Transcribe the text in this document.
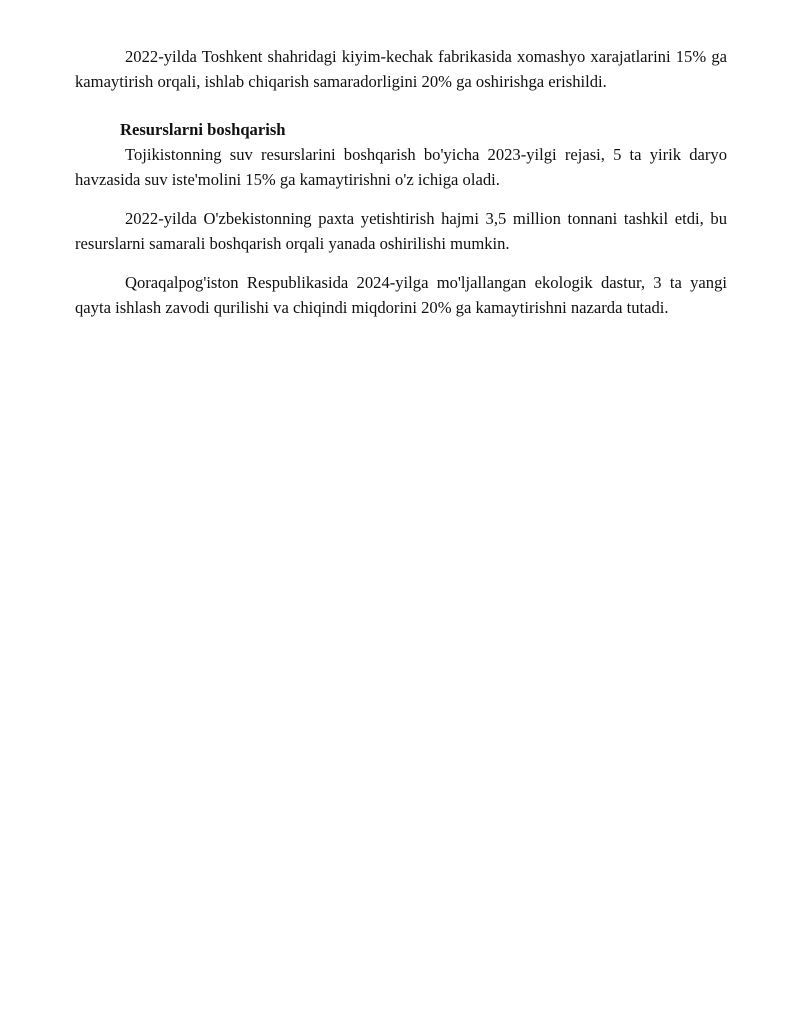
2022-yilda Toshkent shahridagi kiyim-kechak fabrikasida xomashyo xarajatlarini 15% ga kamaytirish orqali, ishlab chiqarish samaradorligini 20% ga oshirishga erishildi.

Resurslarni boshqarish

Tojikistonning suv resurslarini boshqarish bo'yicha 2023-yilgi rejasi, 5 ta yirik daryo havzasida suv iste'molini 15% ga kamaytirishni o'z ichiga oladi.

2022-yilda O'zbekistonning paxta yetishtirish hajmi 3,5 million tonnani tashkil etdi, bu resurslarni samarali boshqarish orqali yanada oshirilishi mumkin.

Qoraqalpog'iston Respublikasida 2024-yilga mo'ljallangan ekologik dastur, 3 ta yangi qayta ishlash zavodi qurilishi va chiqindi miqdorini 20% ga kamaytirishni nazarda tutadi.
